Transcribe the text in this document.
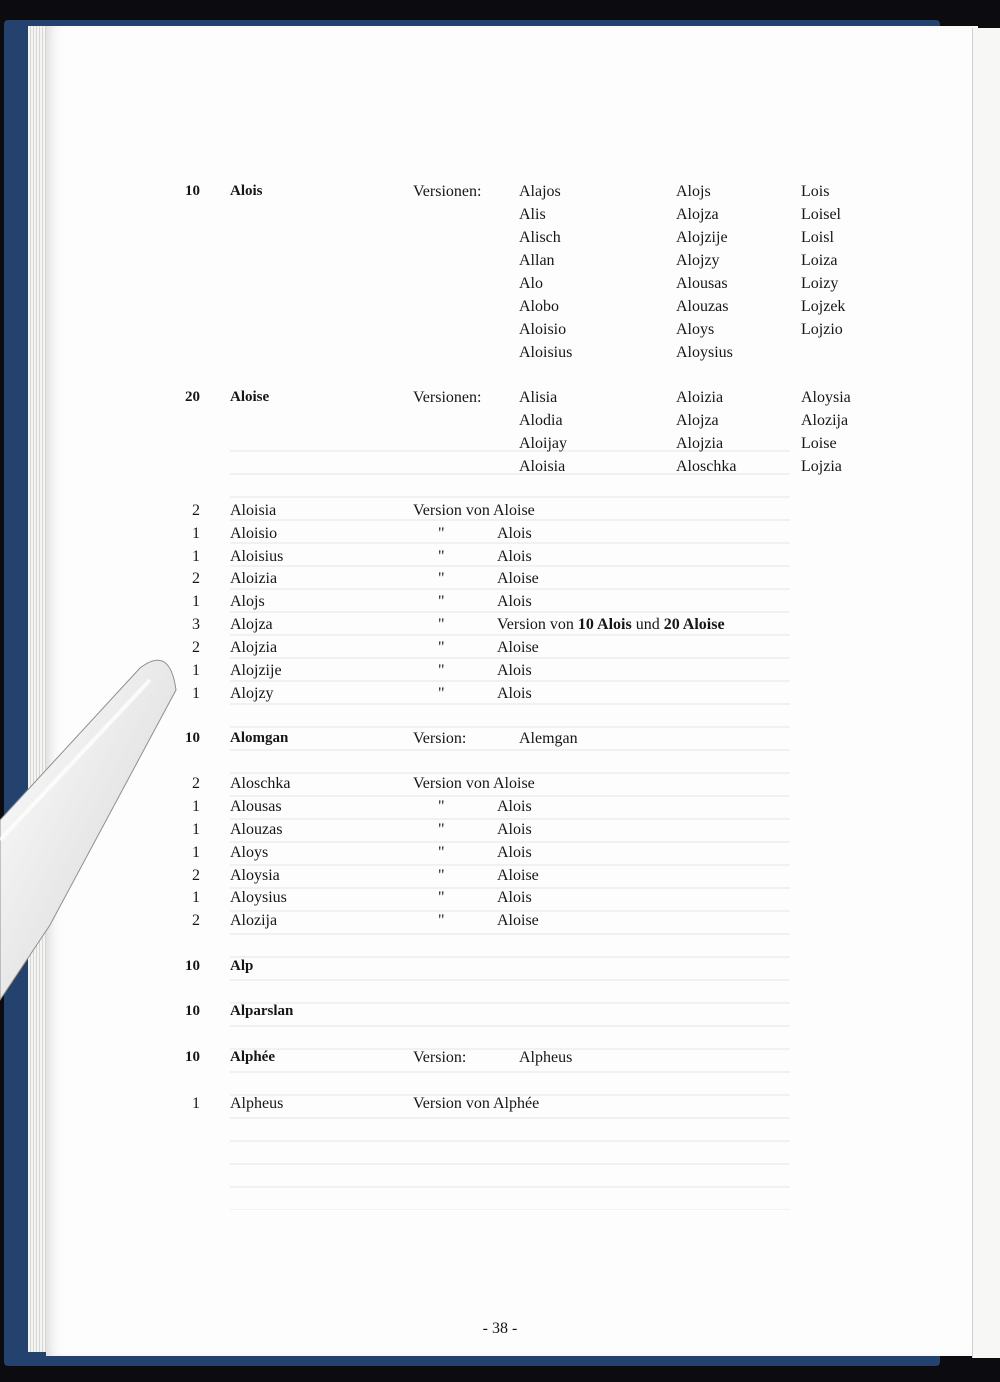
10 Alois	Versionen: Alajos	Alojs	Lois
Alis	Alojza	Loisel
Alisch	Alojzije	Loisl
Allan	Alojzy	Loiza
Alo	Alousas	Loizy
Alobo	Alouzas	Lojzek
Aloisio	Aloys	Lojzio
Aloisius	Aloysius
20 Aloise	Versionen: Alisia	Aloizia	Aloysia
Alodia	Alojza	Alozija
Aloijay	Alojzia	Loise
Aloisia	Aloschka	Lojzia
2 Aloisia	Version von Aloise
1 Aloisio	"	Alois
1 Aloisius	"	Alois
2 Aloizia	"	Aloise
1 Alojs	"	Alois
3 Alojza	"	Version von 10 Alois und 20 Aloise
2 Alojzia	"	Aloise
1 Alojzije	"	Alois
1 Alojzy	"	Alois
10 Alomgan	Version:	Alemgan
2 Aloschka	Version von Aloise
1 Alousas	"	Alois
1 Alouzas	"	Alois
1 Aloys	"	Alois
2 Aloysia	"	Aloise
1 Aloysius	"	Alois
2 Alozija	"	Aloise
10 Alp
10 Alparslan
10 Alphée	Version:	Alpheus
1 Alpheus	Version von Alphée
- 38 -
